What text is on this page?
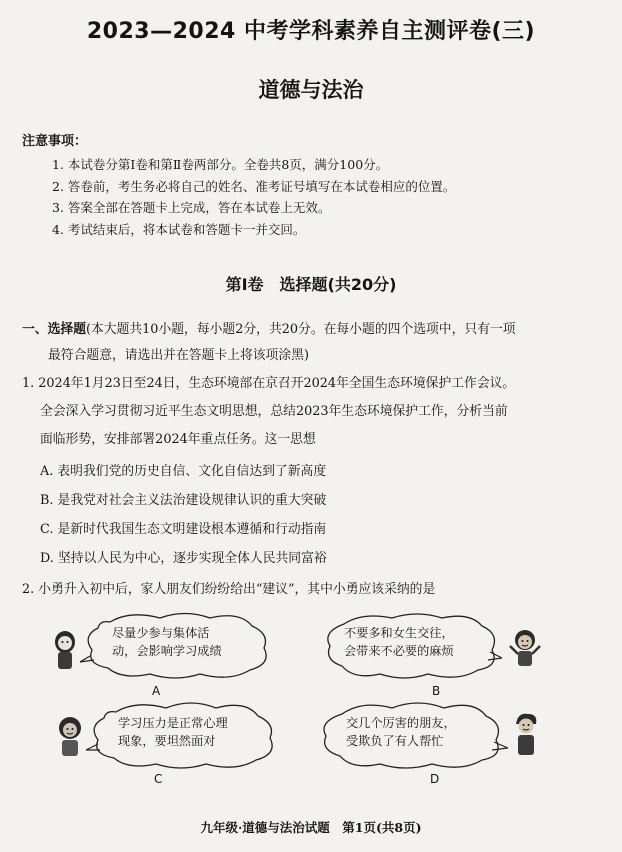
2023—2024 中考学科素养自主测评卷(三)
道德与法治
注意事项：
1. 本试卷分第Ⅰ卷和第Ⅱ卷两部分。全卷共8页，满分100分。
2. 答卷前，考生务必将自己的姓名、准考证号填写在本试卷相应的位置。
3. 答案全部在答题卡上完成，答在本试卷上无效。
4. 考试结束后，将本试卷和答题卡一并交回。
第Ⅰ卷　选择题(共20分)
一、选择题(本大题共10小题，每小题2分，共20分。在每小题的四个选项中，只有一项
最符合题意，请选出并在答题卡上将该项涂黑)
1. 2024年1月23日至24日，生态环境部在京召开2024年全国生态环境保护工作会议。
全会深入学习贯彻习近平生态文明思想，总结2023年生态环境保护工作，分析当前
面临形势，安排部署2024年重点任务。这一思想
A. 表明我们党的历史自信、文化自信达到了新高度
B. 是我党对社会主义法治建设规律认识的重大突破
C. 是新时代我国生态文明建设根本遵循和行动指南
D. 坚持以人民为中心，逐步实现全体人民共同富裕
2. 小勇升入初中后，家人朋友们纷纷给出“建议”，其中小勇应该采纳的是
尽量少参与集体活
动，会影响学习成绩
A
不要多和女生交往，
会带来不必要的麻烦
B
学习压力是正常心理
现象，要坦然面对
C
交几个厉害的朋友，
受欺负了有人帮忙
D
九年级·道德与法治试题　第1页(共8页)
